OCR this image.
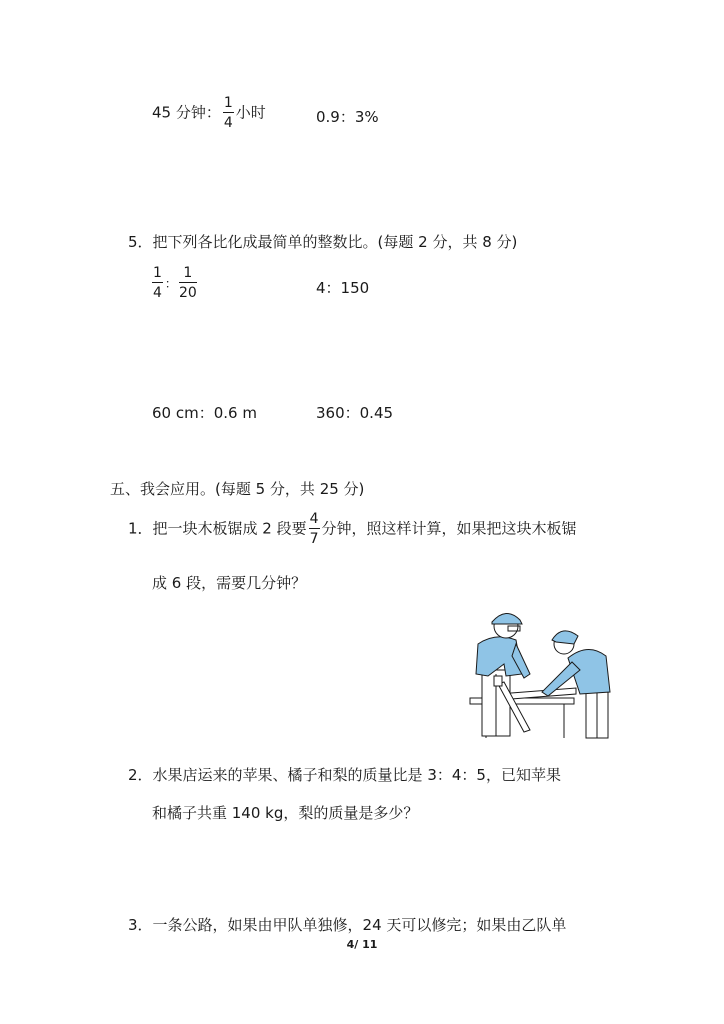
45 分钟： $\frac{1}{4}$ 小时	0.9：3%
5．把下列各比化成最简单的整数比。(每题 2 分，共 8 分)
$\frac{1}{4}$ ： $\frac{1}{20}$	4：150
60 cm：0.6 m	360：0.45
五、我会应用。(每题 5 分，共 25 分)
1．把一块木板锯成 2 段要 $\frac{4}{7}$ 分钟，照这样计算，如果把这块木板锯
成 6 段，需要几分钟？
2．水果店运来的苹果、橘子和梨的质量比是 3：4：5，已知苹果
和橘子共重 140 kg，梨的质量是多少？
3．一条公路，如果由甲队单独修，24 天可以修完；如果由乙队单
4/ 11
